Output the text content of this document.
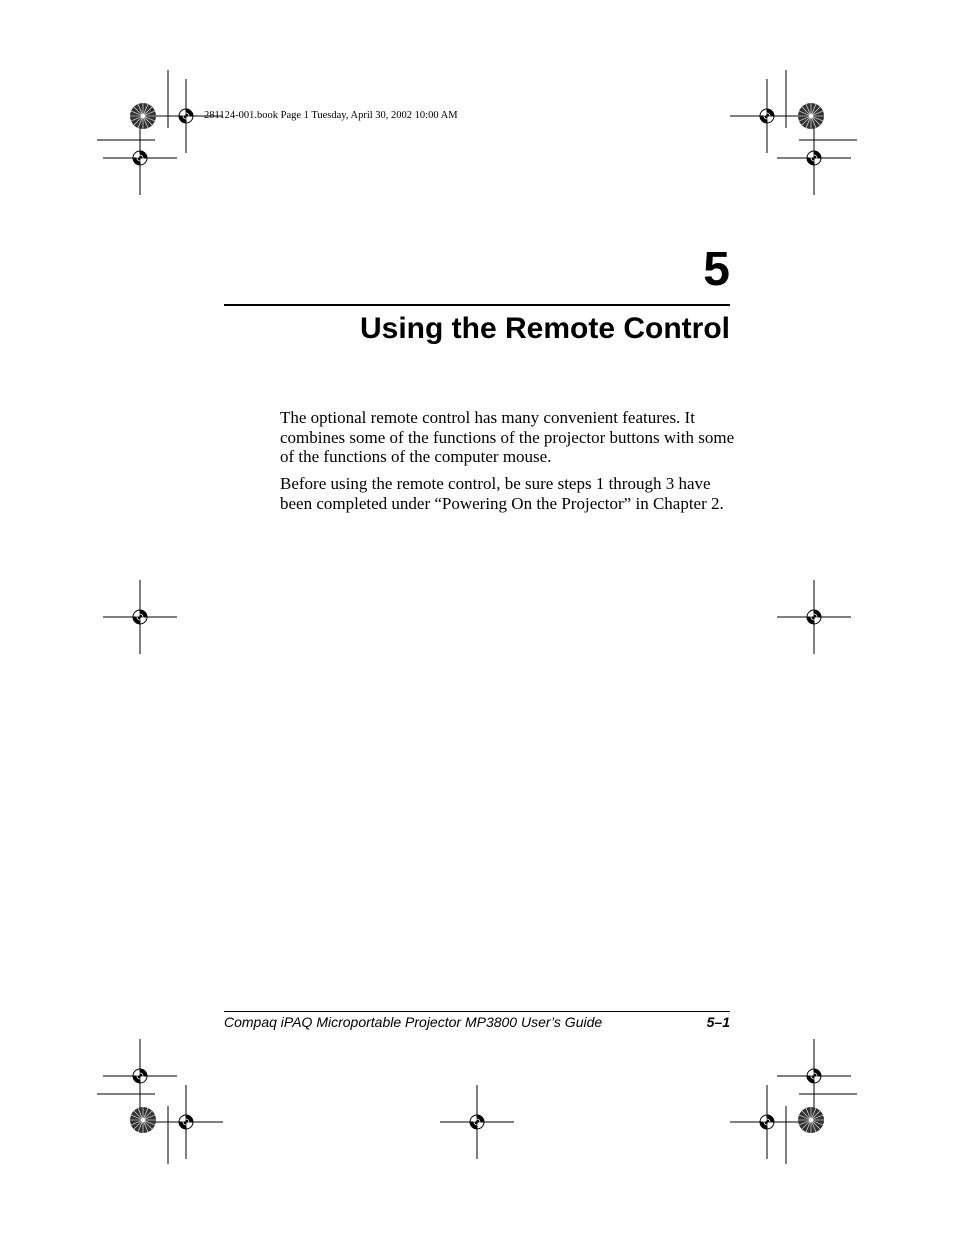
281124-001.book Page 1 Tuesday, April 30, 2002 10:00 AM
5
Using the Remote Control
The optional remote control has many convenient features. It combines some of the functions of the projector buttons with some of the functions of the computer mouse.
Before using the remote control, be sure steps 1 through 3 have been completed under “Powering On the Projector” in Chapter 2.
Compaq iPAQ Microportable Projector MP3800 User’s Guide	5–1
